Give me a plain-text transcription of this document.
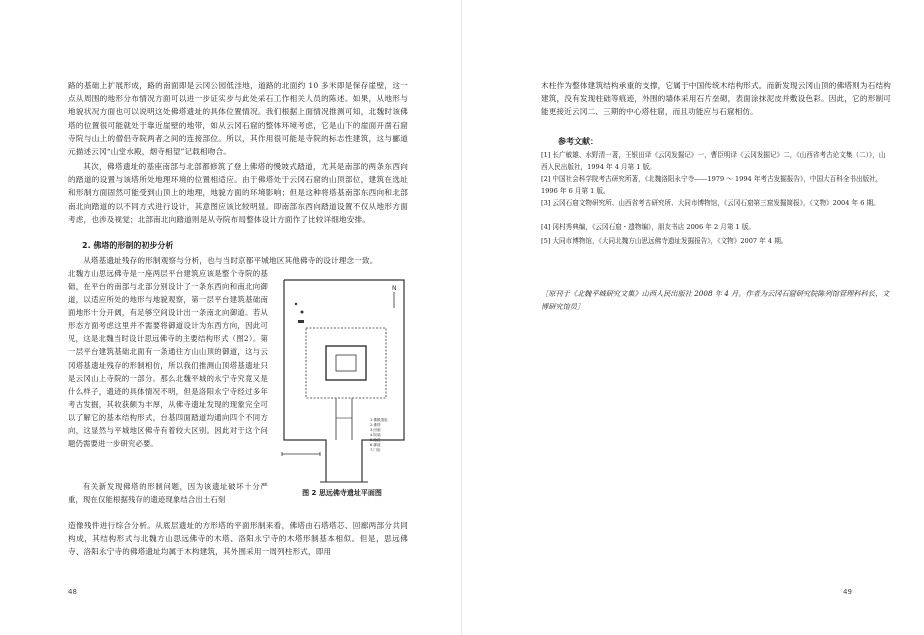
路的基础上扩展形成，路的南面即是云冈公园低洼地，道路的北面约 10 多米即是保存崖壁，这一点从周围的地形分布情况方面可以进一步证实步与此处采石工作相关人员的陈述。如果，从地形与地貌状况方面也可以说明这处佛塔遗址的具体位置情况。我们根据上面情况推测可知，北魏时该佛塔的位置很可能就处于靠近崖壁的地带，如从云冈石窟的整体环境考虑，它是山下的崖面开凿石窟寺院与山上的僧侣寺院两者之间的连接部位。所以，其作用很可能是寺院的标志性建筑，这与郦道元描述云冈“山堂水殿，烟寺相望”记载相吻合。

其次，佛塔遗址的基座南部与北部都修筑了登上佛塔的慢坡式踏道，尤其是南部的两条东西向的踏道的设置与该塔所处地理环境的位置相适应。由于佛塔处于云冈石窟的山顶部位，建筑在选址和形制方面固然可能受到山顶上的地理，地貌方面的环境影响；但是这种将塔基南部东西向和北部南北向踏道的以不同方式进行设计，其意图应该比较明显。即南部东西向踏道设置不仅从地形方面考虑，也涉及视觉；北部南北向踏道则是从寺院布局整体设计方面作了比较详细地安排。

2. 佛塔的形制的初步分析

从塔基遗址残存的形制观察与分析，也与当时京都平城地区其他佛寺的设计理念一致。

北魏方山思远佛寺是一座两层平台建筑应该是整个寺院的基础，在平台的南部与北部分别设计了一条东西向和南北向御道，以适应所处的地形与地貌观察，第一层平台建筑基础南面地形十分开阔，有足够空间设计出一条南北向御道。若从形态方面考虑这里并不需要将御道设计为东西方向，因此可见，这是北魏当时设计思远佛寺的主要结构形式（图2）。第一层平台建筑基础北面有一条通往方山山顶的御道，这与云冈塔基遗址残存的形制相仿，所以我们推测山顶塔基遗址只是云冈山上寺院的一部分。那么北魏平城的永宁寺究竟又是什么样子，遗迹的具体情况不明，但是洛阳永宁寺经过多年考古发掘，其收获颇为丰厚，从佛寺遗址发现的现象完全可以了解它的基本结构形式，台基四面踏道均通向四个不同方向，这显然与平城地区佛寺有着较大区别。因此对于这个问题仍需要进一步研究必要。

有关新发现佛塔的形制问题，因为该遗址破坏十分严重，现在仅能根据残存的遗迹现象结合出土石刻

造像残件进行综合分析。从底层遗址的方形塔的平面形制来看，佛塔由石塔塔芯、回廊两部分共同构成，其结构形式与北魏方山思远佛寺的木塔、洛阳永宁寺的木塔形制基本相似。但是，思远佛寺、洛阳永宁寺的佛塔遗址均属于木构建筑，其外围采用一周列柱形式，即用

N
1.佛殿遗址
2.佛塔
3.回廊
4.院墙
5.踏道
6.御道
7.门址
图 2 思远佛寺遗址平面图
48

木柱作为整体建筑结构承重的支撑，它属于中国传统木结构形式。而新发现云冈山顶的佛塔则为石结构建筑，没有发现柱础等痕迹，外围的墙体采用石片垒砌，表面涂抹泥皮并敷设色彩。因此，它的形制可能更接近云冈二、三期的中心塔柱窟，而且功能应与石窟相仿。

参考文献：

[1] 长广敏雄、水野清一著，王银田译《云冈发掘记》一，曹臣明译《云冈发掘记》二，《山西省考古论文集（二）》，山西人民出版社，1994 年 4 月第 1 版。

[2] 中国社会科学院考古研究所著，《北魏洛阳永宁寺——1979 ～ 1994 年考古发掘报告》，中国大百科全书出版社，1996 年 6 月第 1 版。

[3] 云冈石窟文物研究所、山西省考古研究所、大同市博物馆，《云冈石窟第三窟发掘简报》，《文物》2004 年 6 期。

[4] 冈村秀典编，《云冈石窟・遗物编》，朋友书店 2006 年 2 月第 1 版。

[5] 大同市博物馆，《大同北魏方山思远佛寺遗址发掘报告》，《文物》2007 年 4 期。

［原刊于《北魏平城研究文集》山西人民出版社 2008 年 4 月。作者为云冈石窟研究院陈列馆管理科科长、文博研究馆员］
49
